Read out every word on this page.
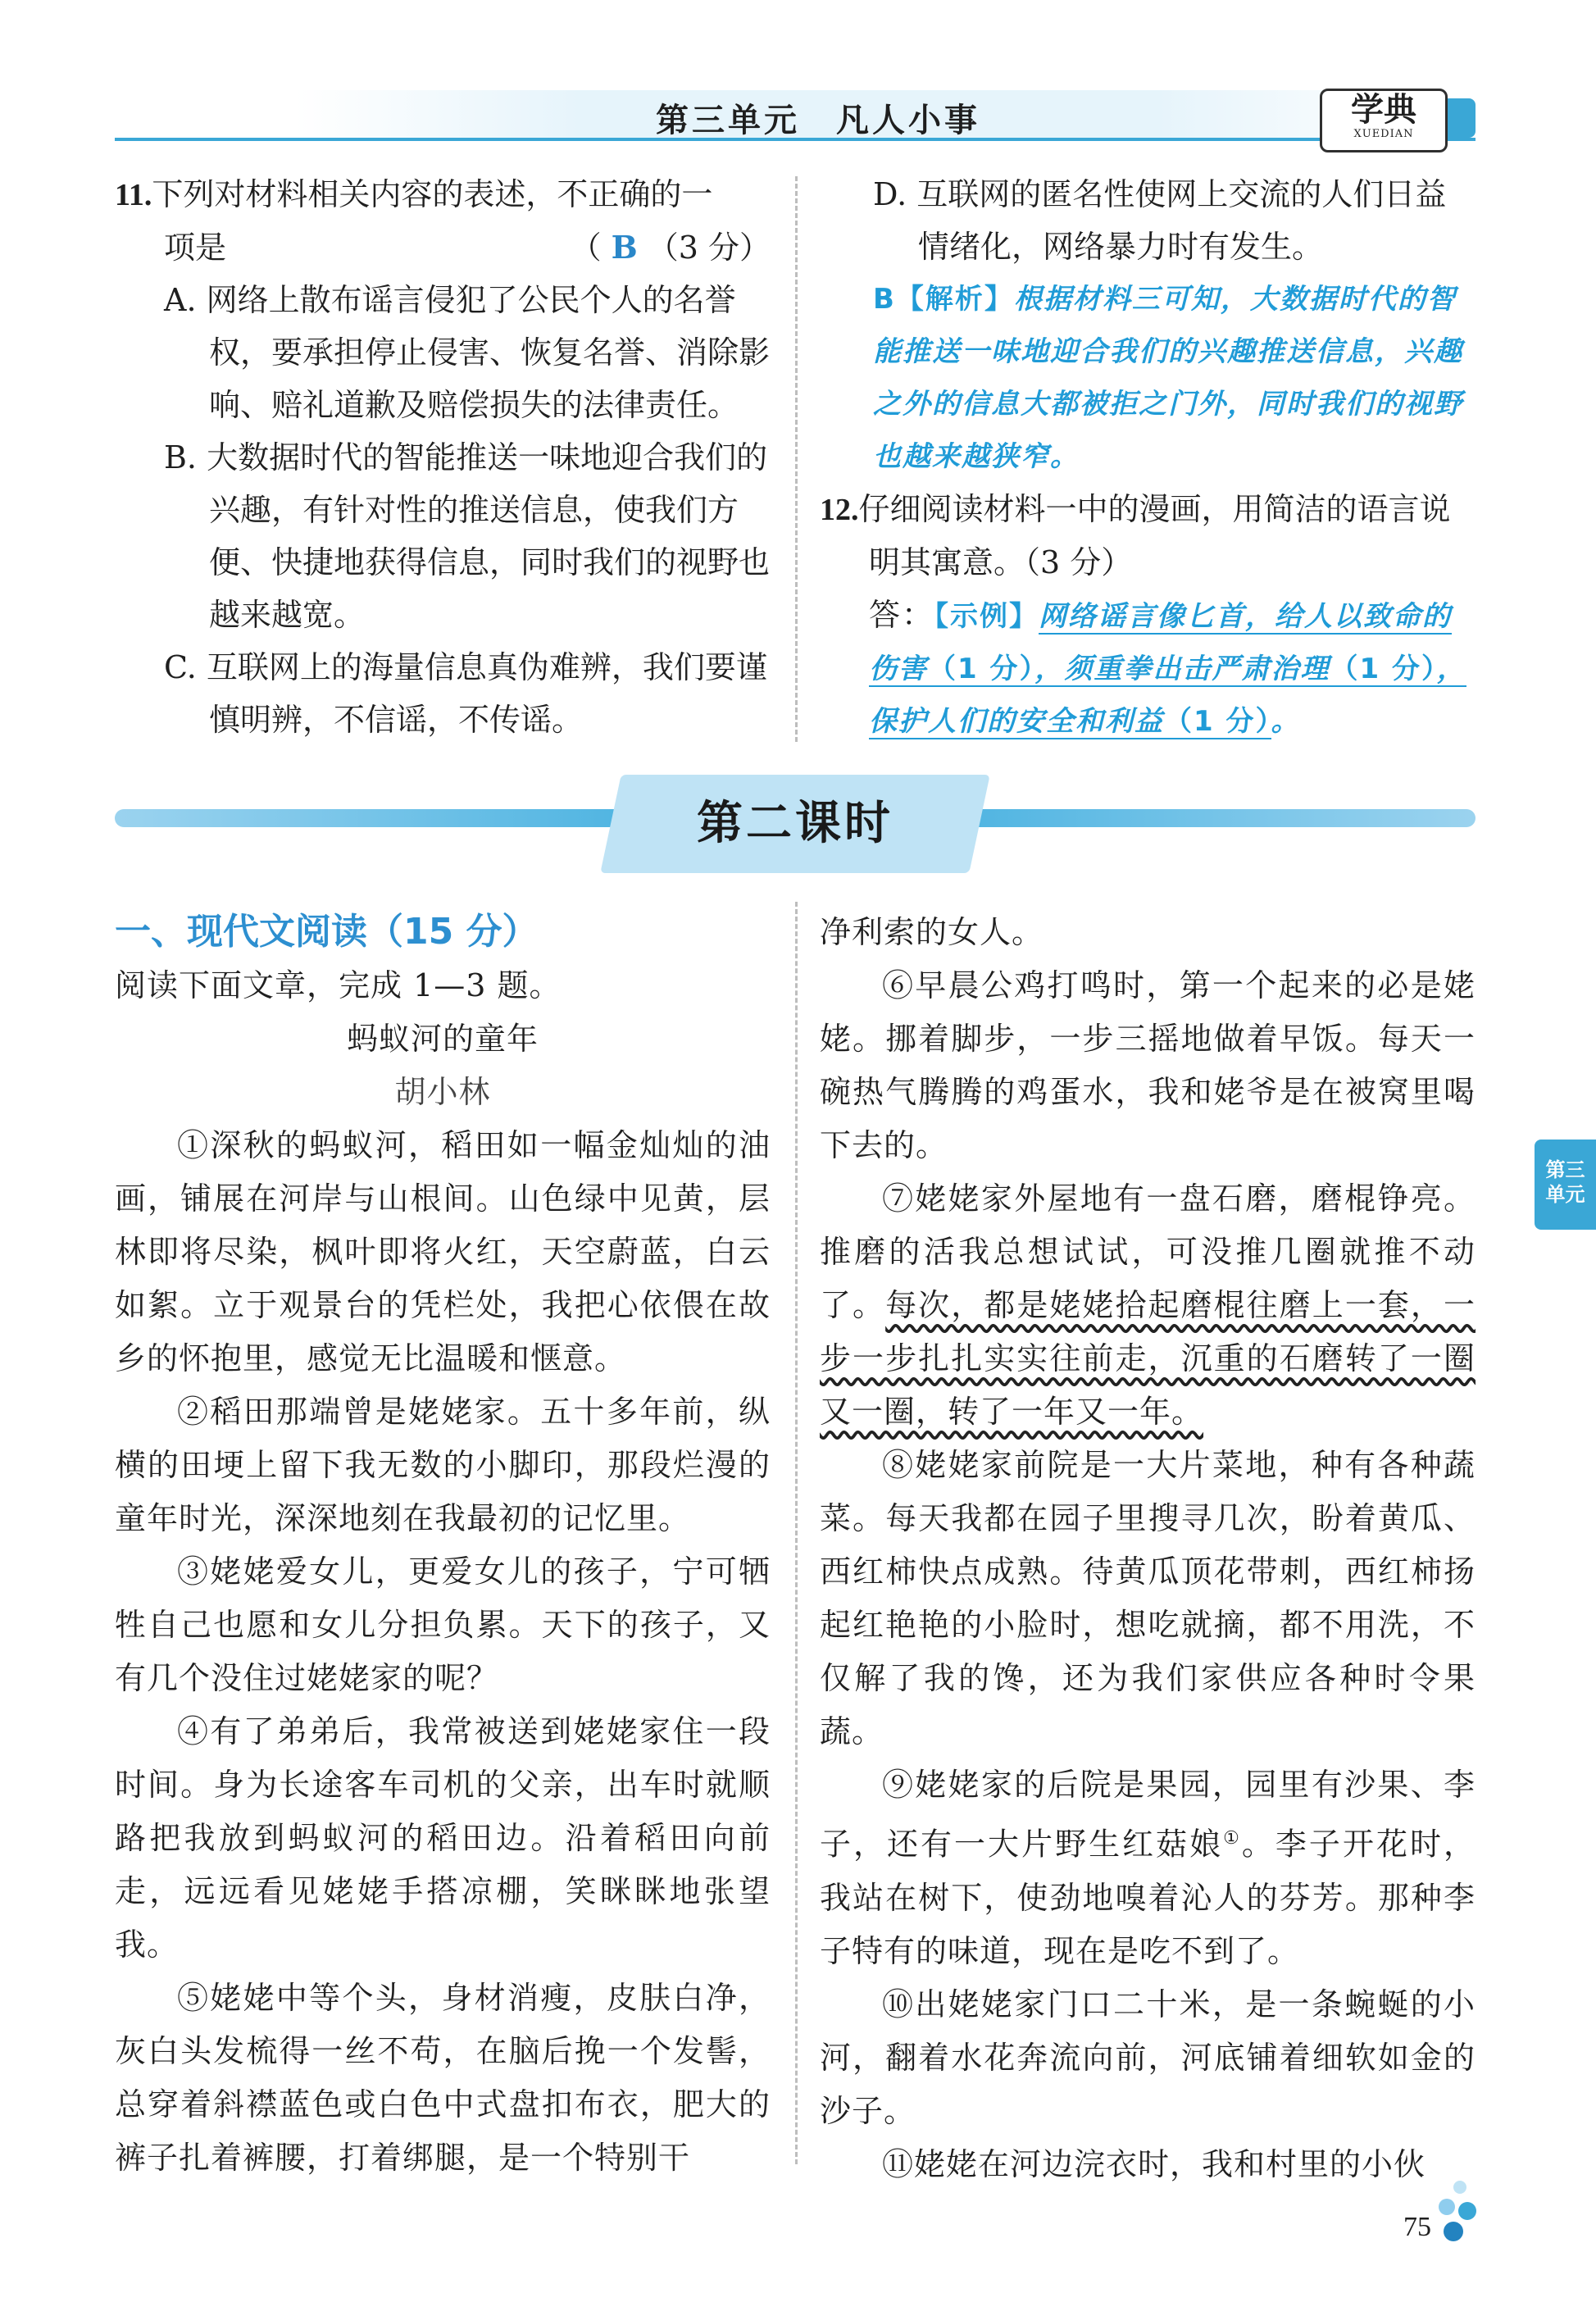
第三单元　凡人小事	学典
XUEDIAN
11.下列对材料相关内容的表述，不正确的一
项是	（ B （3 分）
A. 网络上散布谣言侵犯了公民个人的名誉权，要承担停止侵害、恢复名誉、消除影响、赔礼道歉及赔偿损失的法律责任。
B. 大数据时代的智能推送一味地迎合我们的兴趣，有针对性的推送信息，使我们方便、快捷地获得信息，同时我们的视野也越来越宽。
C. 互联网上的海量信息真伪难辨，我们要谨慎明辨，不信谣，不传谣。
D. 互联网的匿名性使网上交流的人们日益情绪化，网络暴力时有发生。
B【解析】根据材料三可知，大数据时代的智能推送一味地迎合我们的兴趣推送信息，兴趣之外的信息大都被拒之门外，同时我们的视野也越来越狭窄。
12.仔细阅读材料一中的漫画，用简洁的语言说明其寓意。（3 分）
答：【示例】网络谣言像匕首，给人以致命的伤害（1 分），须重拳出击严肃治理（1 分），保护人们的安全和利益（1 分）。
第二课时
一、现代文阅读（15 分）
阅读下面文章，完成 1—3 题。
蚂蚁河的童年
胡小林
①深秋的蚂蚁河，稻田如一幅金灿灿的油画，铺展在河岸与山根间。山色绿中见黄，层林即将尽染，枫叶即将火红，天空蔚蓝，白云如絮。立于观景台的凭栏处，我把心依偎在故乡的怀抱里，感觉无比温暖和惬意。
②稻田那端曾是姥姥家。五十多年前，纵横的田埂上留下我无数的小脚印，那段烂漫的童年时光，深深地刻在我最初的记忆里。
③姥姥爱女儿，更爱女儿的孩子，宁可牺牲自己也愿和女儿分担负累。天下的孩子，又有几个没住过姥姥家的呢？
④有了弟弟后，我常被送到姥姥家住一段时间。身为长途客车司机的父亲，出车时就顺路把我放到蚂蚁河的稻田边。沿着稻田向前走，远远看见姥姥手搭凉棚，笑眯眯地张望我。
⑤姥姥中等个头，身材消瘦，皮肤白净，灰白头发梳得一丝不苟，在脑后挽一个发髻，总穿着斜襟蓝色或白色中式盘扣布衣，肥大的裤子扎着裤腰，打着绑腿，是一个特别干
净利索的女人。
⑥早晨公鸡打鸣时，第一个起来的必是姥姥。挪着脚步，一步三摇地做着早饭。每天一碗热气腾腾的鸡蛋水，我和姥爷是在被窝里喝下去的。
⑦姥姥家外屋地有一盘石磨，磨棍铮亮。推磨的活我总想试试，可没推几圈就推不动了。每次，都是姥姥拾起磨棍往磨上一套，一步一步扎扎实实往前走，沉重的石磨转了一圈又一圈，转了一年又一年。
⑧姥姥家前院是一大片菜地，种有各种蔬菜。每天我都在园子里搜寻几次，盼着黄瓜、西红柿快点成熟。待黄瓜顶花带刺，西红柿扬起红艳艳的小脸时，想吃就摘，都不用洗，不仅解了我的馋，还为我们家供应各种时令果蔬。
⑨姥姥家的后院是果园，园里有沙果、李子，还有一大片野生红菇娘①。李子开花时，我站在树下，使劲地嗅着沁人的芬芳。那种李子特有的味道，现在是吃不到了。
⑩出姥姥家门口二十米，是一条蜿蜒的小河，翻着水花奔流向前，河底铺着细软如金的沙子。
⑪姥姥在河边浣衣时，我和村里的小伙
第三
单元
75
